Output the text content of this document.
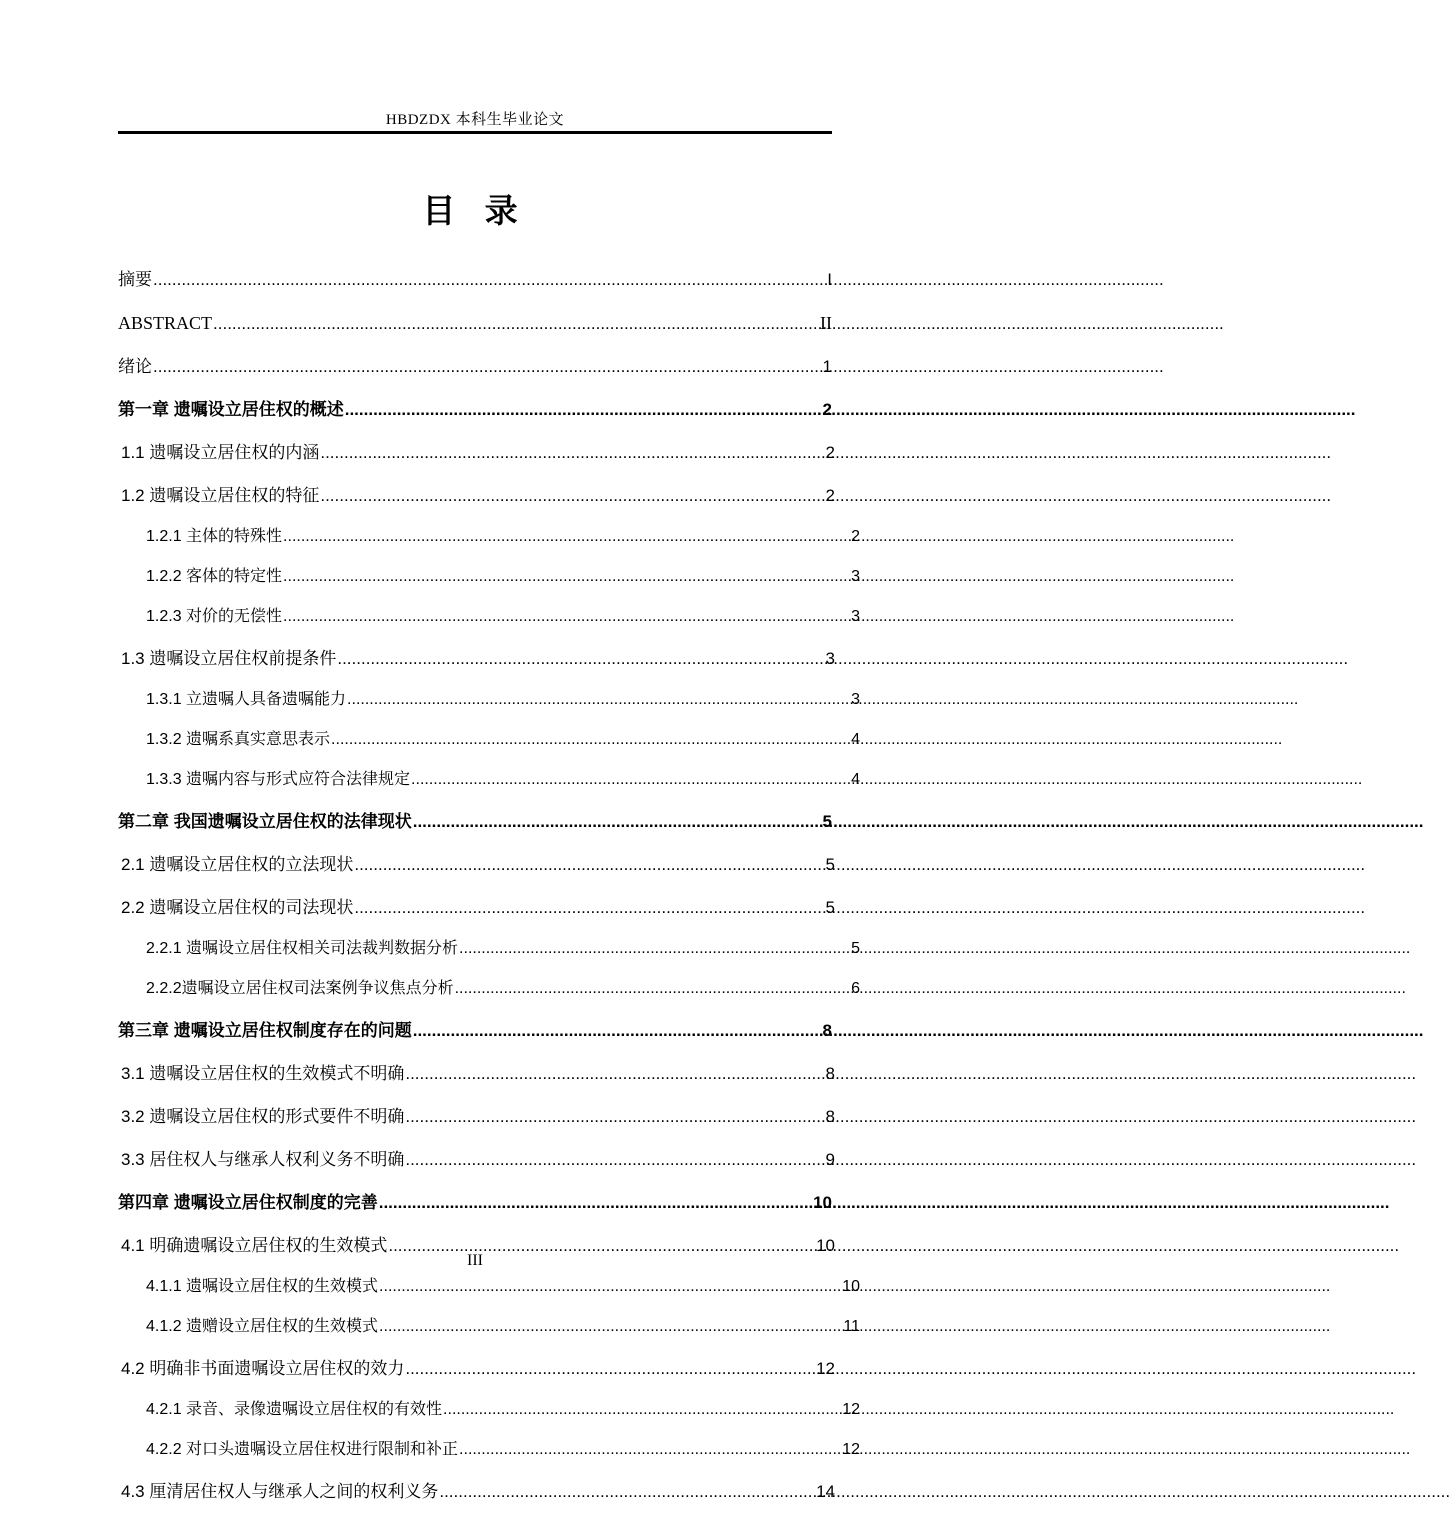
HBDZDX 本科生毕业论文
目 录
摘要 .....	I
ABSTRACT .....	II
绪论 .....	1
第一章 遗嘱设立居住权的概述 .....	2
1.1 遗嘱设立居住权的内涵 .....	2
1.2 遗嘱设立居住权的特征 .....	2
1.2.1 主体的特殊性 .....	2
1.2.2 客体的特定性 .....	3
1.2.3 对价的无偿性 .....	3
1.3 遗嘱设立居住权前提条件 .....	3
1.3.1 立遗嘱人具备遗嘱能力 .....	3
1.3.2 遗嘱系真实意思表示 .....	4
1.3.3 遗嘱内容与形式应符合法律规定 .....	4
第二章 我国遗嘱设立居住权的法律现状 .....	5
2.1 遗嘱设立居住权的立法现状 .....	5
2.2 遗嘱设立居住权的司法现状 .....	5
2.2.1 遗嘱设立居住权相关司法裁判数据分析 .....	5
2.2.2遗嘱设立居住权司法案例争议焦点分析 .....	6
第三章 遗嘱设立居住权制度存在的问题 .....	8
3.1 遗嘱设立居住权的生效模式不明确 .....	8
3.2 遗嘱设立居住权的形式要件不明确 .....	8
3.3 居住权人与继承人权利义务不明确 .....	9
第四章 遗嘱设立居住权制度的完善 .....	10
4.1 明确遗嘱设立居住权的生效模式 .....	10
4.1.1 遗嘱设立居住权的生效模式 .....	10
4.1.2 遗赠设立居住权的生效模式 .....	11
4.2 明确非书面遗嘱设立居住权的效力 .....	12
4.2.1 录音、录像遗嘱设立居住权的有效性 .....	12
4.2.2 对口头遗嘱设立居住权进行限制和补正 .....	12
4.3 厘清居住权人与继承人之间的权利义务 .....	14
III
